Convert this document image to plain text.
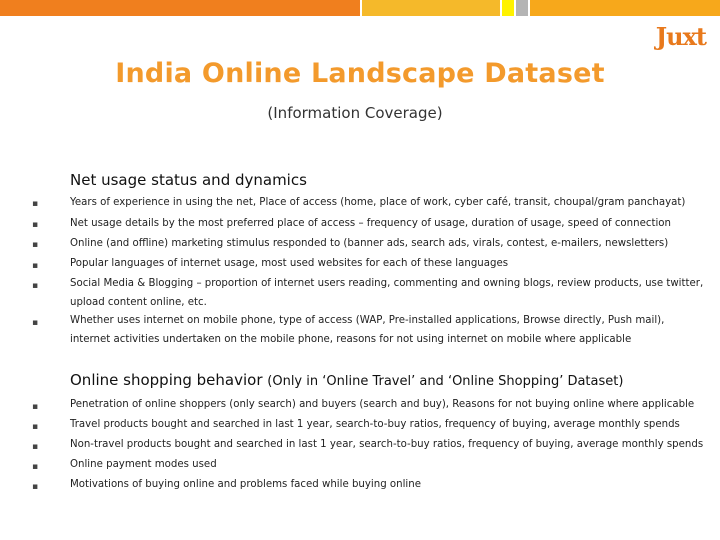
Juxt
India Online Landscape Dataset
(Information Coverage)
Net usage status and dynamics
▪	Years of experience in using the net, Place of access (home, place of work, cyber café, transit, choupal/gram panchayat)
▪	Net usage details by the most preferred place of access – frequency of usage, duration of usage, speed of connection
▪	Online (and offline) marketing stimulus responded to (banner ads, search ads, virals, contest, e-mailers, newsletters)
▪	Popular languages of internet usage, most used websites for each of these languages
▪	Social Media & Blogging – proportion of internet users reading, commenting and owning blogs, review products, use twitter,
upload content online, etc.
▪	Whether uses internet on mobile phone, type of access (WAP, Pre-installed applications, Browse directly, Push mail),
internet activities undertaken on the mobile phone, reasons for not using internet on mobile where applicable
Online shopping behavior (Only in ‘Online Travel’ and ‘Online Shopping’ Dataset)
▪	Penetration of online shoppers (only search) and buyers (search and buy), Reasons for not buying online where applicable
▪	Travel products bought and searched in last 1 year, search-to-buy ratios, frequency of buying, average monthly spends
▪	Non-travel products bought and searched in last 1 year, search-to-buy ratios, frequency of buying, average monthly spends
▪	Online payment modes used
▪	Motivations of buying online and problems faced while buying online
